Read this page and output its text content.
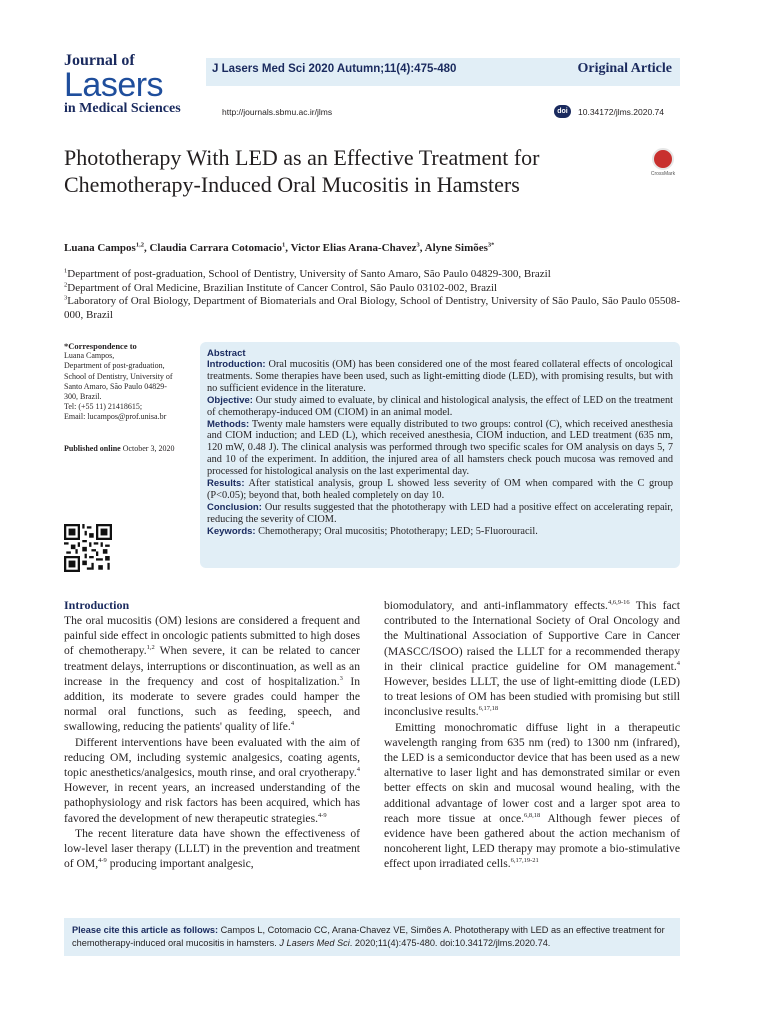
Journal of
Lasers
in Medical Sciences
J Lasers Med Sci 2020 Autumn;11(4):475-480	Original Article
http://journals.sbmu.ac.ir/jlms	doi	10.34172/jlms.2020.74
Phototherapy With LED as an Effective Treatment for Chemotherapy-Induced Oral Mucositis in Hamsters	CrossMark
Luana Campos$^{1,2}$, Claudia Carrara Cotomacio$^1$, Victor Elias Arana-Chavez$^3$, Alyne Simões$^{3*}$
$^1$Department of post-graduation, School of Dentistry, University of Santo Amaro, São Paulo 04829-300, Brazil
$^2$Department of Oral Medicine, Brazilian Institute of Cancer Control, São Paulo 03102-002, Brazil
$^3$Laboratory of Oral Biology, Department of Biomaterials and Oral Biology, School of Dentistry, University of São Paulo, São Paulo 05508-000, Brazil
*Correspondence to
Luana Campos,
Department of post-graduation,
School of Dentistry, University of
Santo Amaro, São Paulo 04829-
300, Brazil.
Tel: (+55 11) 21418615;
Email: lucampos@prof.unisa.br
Published online October 3, 2020
Abstract
Introduction: Oral mucositis (OM) has been considered one of the most feared collateral effects of oncological treatments. Some therapies have been used, such as light-emitting diode (LED), with promising results, but with no sufficient evidence in the literature.
Objective: Our study aimed to evaluate, by clinical and histological analysis, the effect of LED on the treatment of chemotherapy-induced OM (CIOM) in an animal model.
Methods: Twenty male hamsters were equally distributed to two groups: control (C), which received anesthesia and CIOM induction; and LED (L), which received anesthesia, CIOM induction, and LED treatment (635 nm, 120 mW, 0.48 J). The clinical analysis was performed through two specific scales for OM analysis on days 5, 7 and 10 of the experiment. In addition, the injured area of all hamsters check pouch mucosa was removed and processed for histological analysis on the last experimental day.
Results: After statistical analysis, group L showed less severity of OM when compared with the C group (P<0.05); beyond that, both healed completely on day 10.
Conclusion: Our results suggested that the phototherapy with LED had a positive effect on accelerating repair, reducing the severity of CIOM.
Keywords: Chemotherapy; Oral mucositis; Phototherapy; LED; 5-Fluorouracil.
Introduction

The oral mucositis (OM) lesions are considered a frequent and painful side effect in oncologic patients submitted to high doses of chemotherapy.$^{1,2}$ When severe, it can be related to cancer treatment delays, interruptions or discontinuation, as well as an increase in the frequency and cost of hospitalization.$^3$ In addition, its moderate to severe grades could hamper the normal oral functions, such as feeding, speech, and swallowing, reducing the patients' quality of life.$^4$

Different interventions have been evaluated with the aim of reducing OM, including systemic analgesics, coating agents, topic anesthetics/analgesics, mouth rinse, and oral cryotherapy.$^4$ However, in recent years, an increased understanding of the pathophysiology and risk factors has been acquired, which has favored the development of new therapeutic strategies.$^{4-9}$

The recent literature data have shown the effectiveness of low-level laser therapy (LLLT) in the prevention and treatment of OM,$^{4-9}$ producing important analgesic,

biomodulatory, and anti-inflammatory effects.$^{4,6,9-16}$ This fact contributed to the International Society of Oral Oncology and the Multinational Association of Supportive Care in Cancer (MASCC/ISOO) raised the LLLT for a recommended therapy in their clinical practice guideline for OM management.$^4$ However, besides LLLT, the use of light-emitting diode (LED) to treat lesions of OM has been studied with promising but still inconclusive results.$^{6,17,18}$

Emitting monochromatic diffuse light in a therapeutic wavelength ranging from 635 nm (red) to 1300 nm (infrared), the LED is a semiconductor device that has been used as a new alternative to laser light and has demonstrated similar or even better effects on skin and mucosal wound healing, with the additional advantage of lower cost and a larger spot area to reach more tissue at once.$^{6,8,18}$ Although fewer pieces of evidence have been gathered about the action mechanism of noncoherent light, LED therapy may promote a bio-stimulative effect upon irradiated cells.$^{6,17,19-21}$

Please cite this article as follows: Campos L, Cotomacio CC, Arana-Chavez VE, Simões A. Phototherapy with LED as an effective treatment for chemotherapy-induced oral mucositis in hamsters. J Lasers Med Sci. 2020;11(4):475-480. doi:10.34172/jlms.2020.74.
